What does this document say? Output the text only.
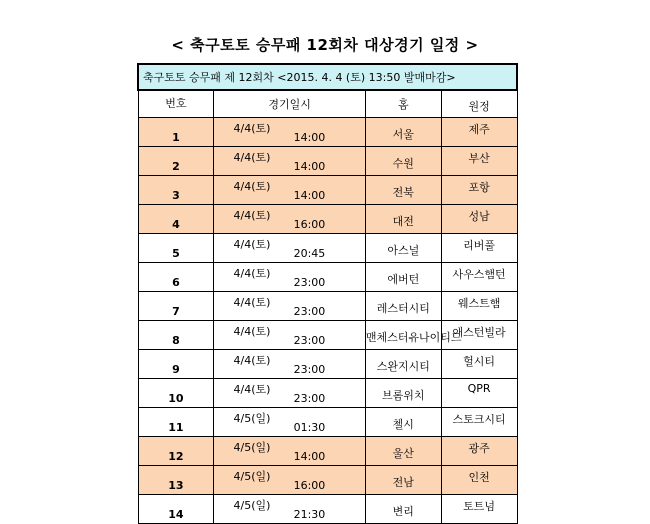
< 축구토토 승무패 12회차 대상경기 일정 >
축구토토 승무패 제 12회차 <2015. 4. 4 (토) 13:50 발매마감>				
번호	경기일시		홈	원정
1	4/4(토)	14:00	서울	제주
2	4/4(토)	14:00	수원	부산
3	4/4(토)	14:00	전북	포항
4	4/4(토)	16:00	대전	성남
5	4/4(토)	20:45	아스널	리버풀
6	4/4(토)	23:00	에버턴	사우스햄턴
7	4/4(토)	23:00	레스터시티	웨스트햄
8	4/4(토)	23:00	맨체스터유나이티드	애스턴빌라
9	4/4(토)	23:00	스완지시티	헐시티
10	4/4(토)	23:00	브롬위치	QPR
11	4/5(일)	01:30	첼시	스토크시티
12	4/5(일)	14:00	울산	광주
13	4/5(일)	16:00	전남	인천
14	4/5(일)	21:30	변리	토트넘
